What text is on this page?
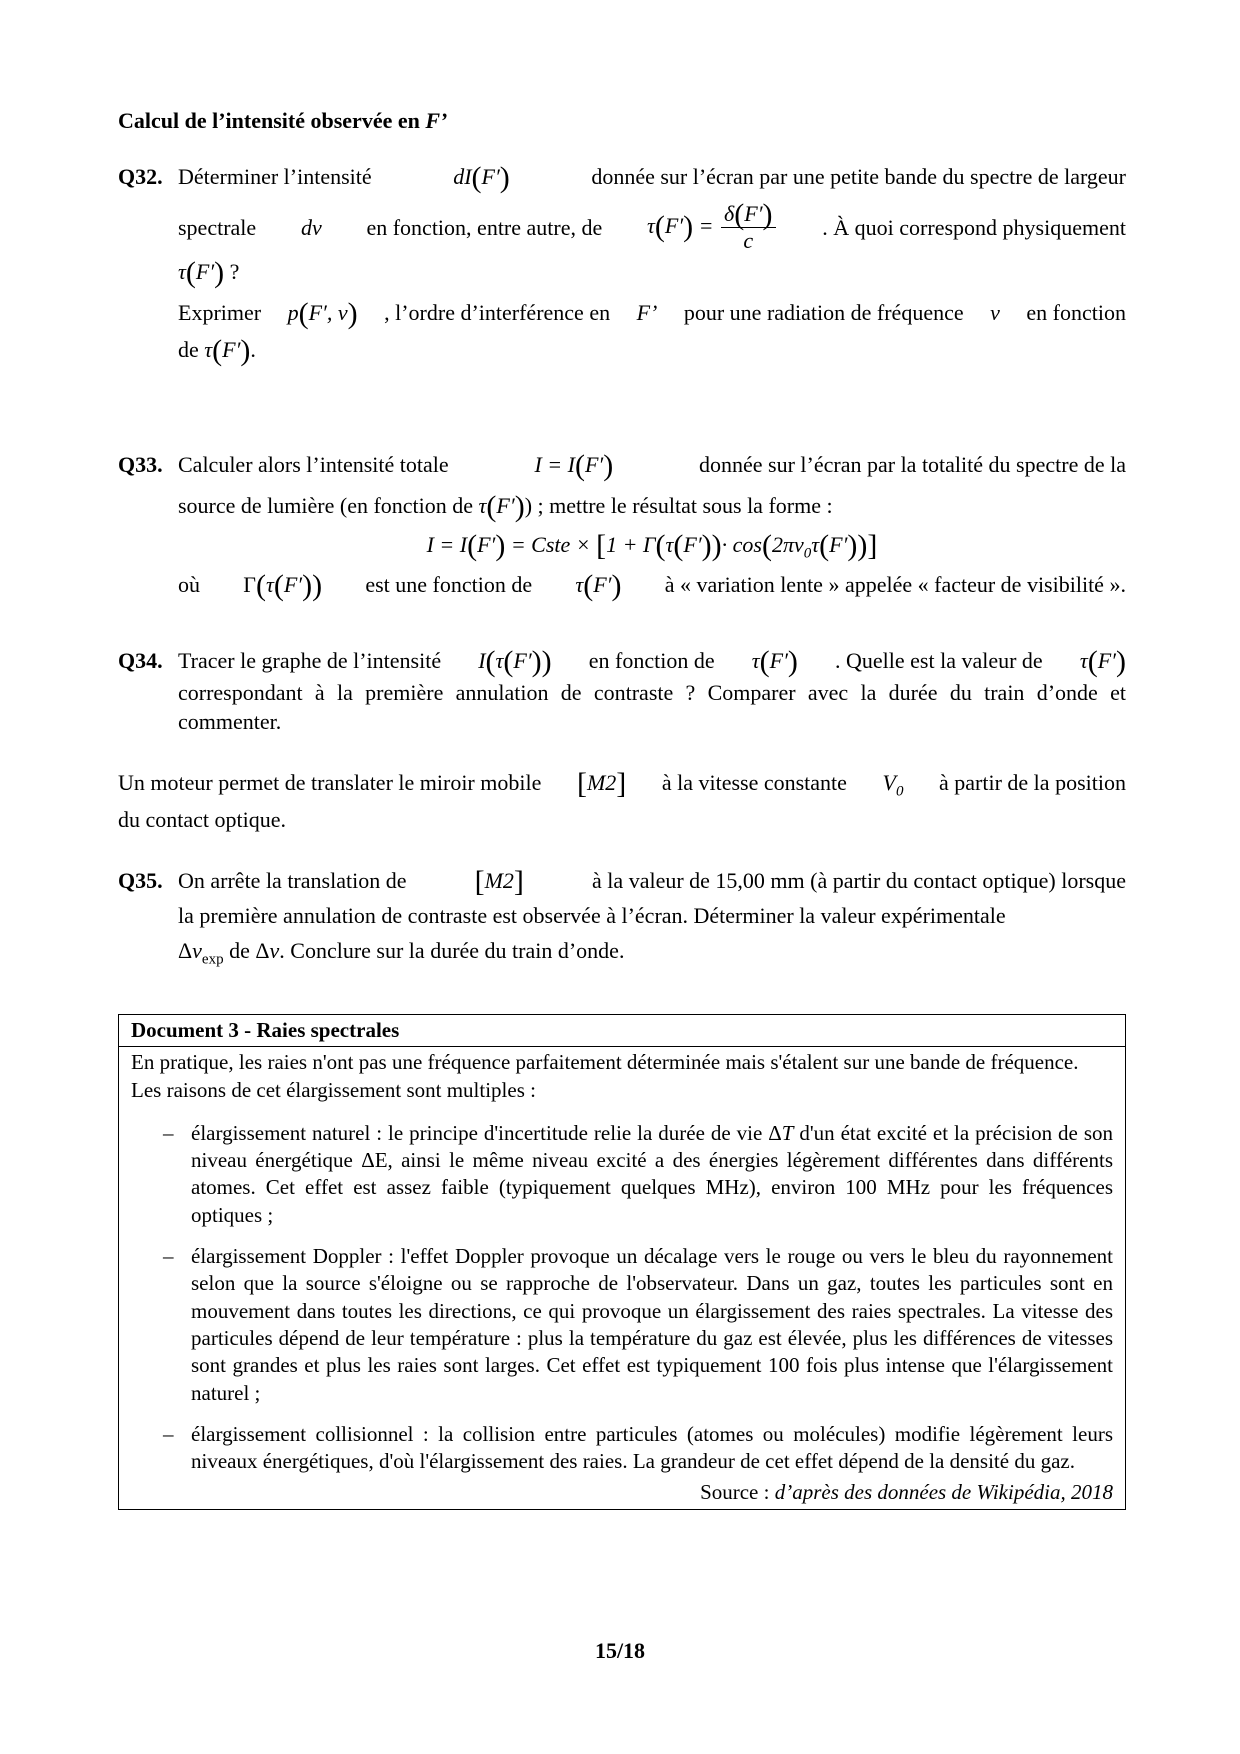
Calcul de l’intensité observée en F’
Q32. Déterminer l’intensité	dI(F′)	donnée sur l’écran par une petite bande du spectre de largeur

spectrale dν en fonction, entre autre, de $\tau(F') = \frac{\delta(F')}{c}$ . À quoi correspond physiquement

τ(F′) ?

Exprimer p(F′, ν) , l’ordre d’interférence en F’ pour une radiation de fréquence ν en fonction

de τ(F′).

Q33. Calculer alors l’intensité totale	I = I(F′)	donnée sur l’écran par la totalité du spectre de la

source de lumière (en fonction de τ(F′)) ; mettre le résultat sous la forme :

I = I(F′) = Cste × $[1 + \Gamma(\tau(F'))\cdot \cos(2\pi\nu_0\tau(F'))]$

où Γ(τ(F′)) est une fonction de τ(F′) à « variation lente » appelée « facteur de visibilité ».

Q34. Tracer le graphe de l’intensité I(τ(F′)) en fonction de τ(F′) . Quelle est la valeur de τ(F′)

correspondant à la première annulation de contraste ? Comparer avec la durée du train d’onde et commenter.

Un moteur permet de translater le miroir mobile [M2] à la vitesse constante $V_0$ à partir de la position

du contact optique.

Q35. On arrête la translation de [M2]	à la valeur de 15,00 mm (à partir du contact optique) lorsque

la première annulation de contraste est observée à l’écran. Déterminer la valeur expérimentale

$\Delta\nu_{exp}$ de Δν. Conclure sur la durée du train d’onde.

Document 3 - Raies spectrales
En pratique, les raies n'ont pas une fréquence parfaitement déterminée mais s'étalent sur une bande de fréquence. Les raisons de cet élargissement sont multiples :
– élargissement naturel : le principe d'incertitude relie la durée de vie ΔT d'un état excité et la précision de son niveau énergétique ΔE, ainsi le même niveau excité a des énergies légèrement différentes dans différents atomes. Cet effet est assez faible (typiquement quelques MHz), environ 100 MHz pour les fréquences optiques ;
– élargissement Doppler : l'effet Doppler provoque un décalage vers le rouge ou vers le bleu du rayonnement selon que la source s'éloigne ou se rapproche de l'observateur. Dans un gaz, toutes les particules sont en mouvement dans toutes les directions, ce qui provoque un élargissement des raies spectrales. La vitesse des particules dépend de leur température : plus la température du gaz est élevée, plus les différences de vitesses sont grandes et plus les raies sont larges. Cet effet est typiquement 100 fois plus intense que l'élargissement naturel ;
– élargissement collisionnel : la collision entre particules (atomes ou molécules) modifie légèrement leurs niveaux énergétiques, d'où l'élargissement des raies. La grandeur de cet effet dépend de la densité du gaz.
Source : d’après des données de Wikipédia, 2018
15/18
